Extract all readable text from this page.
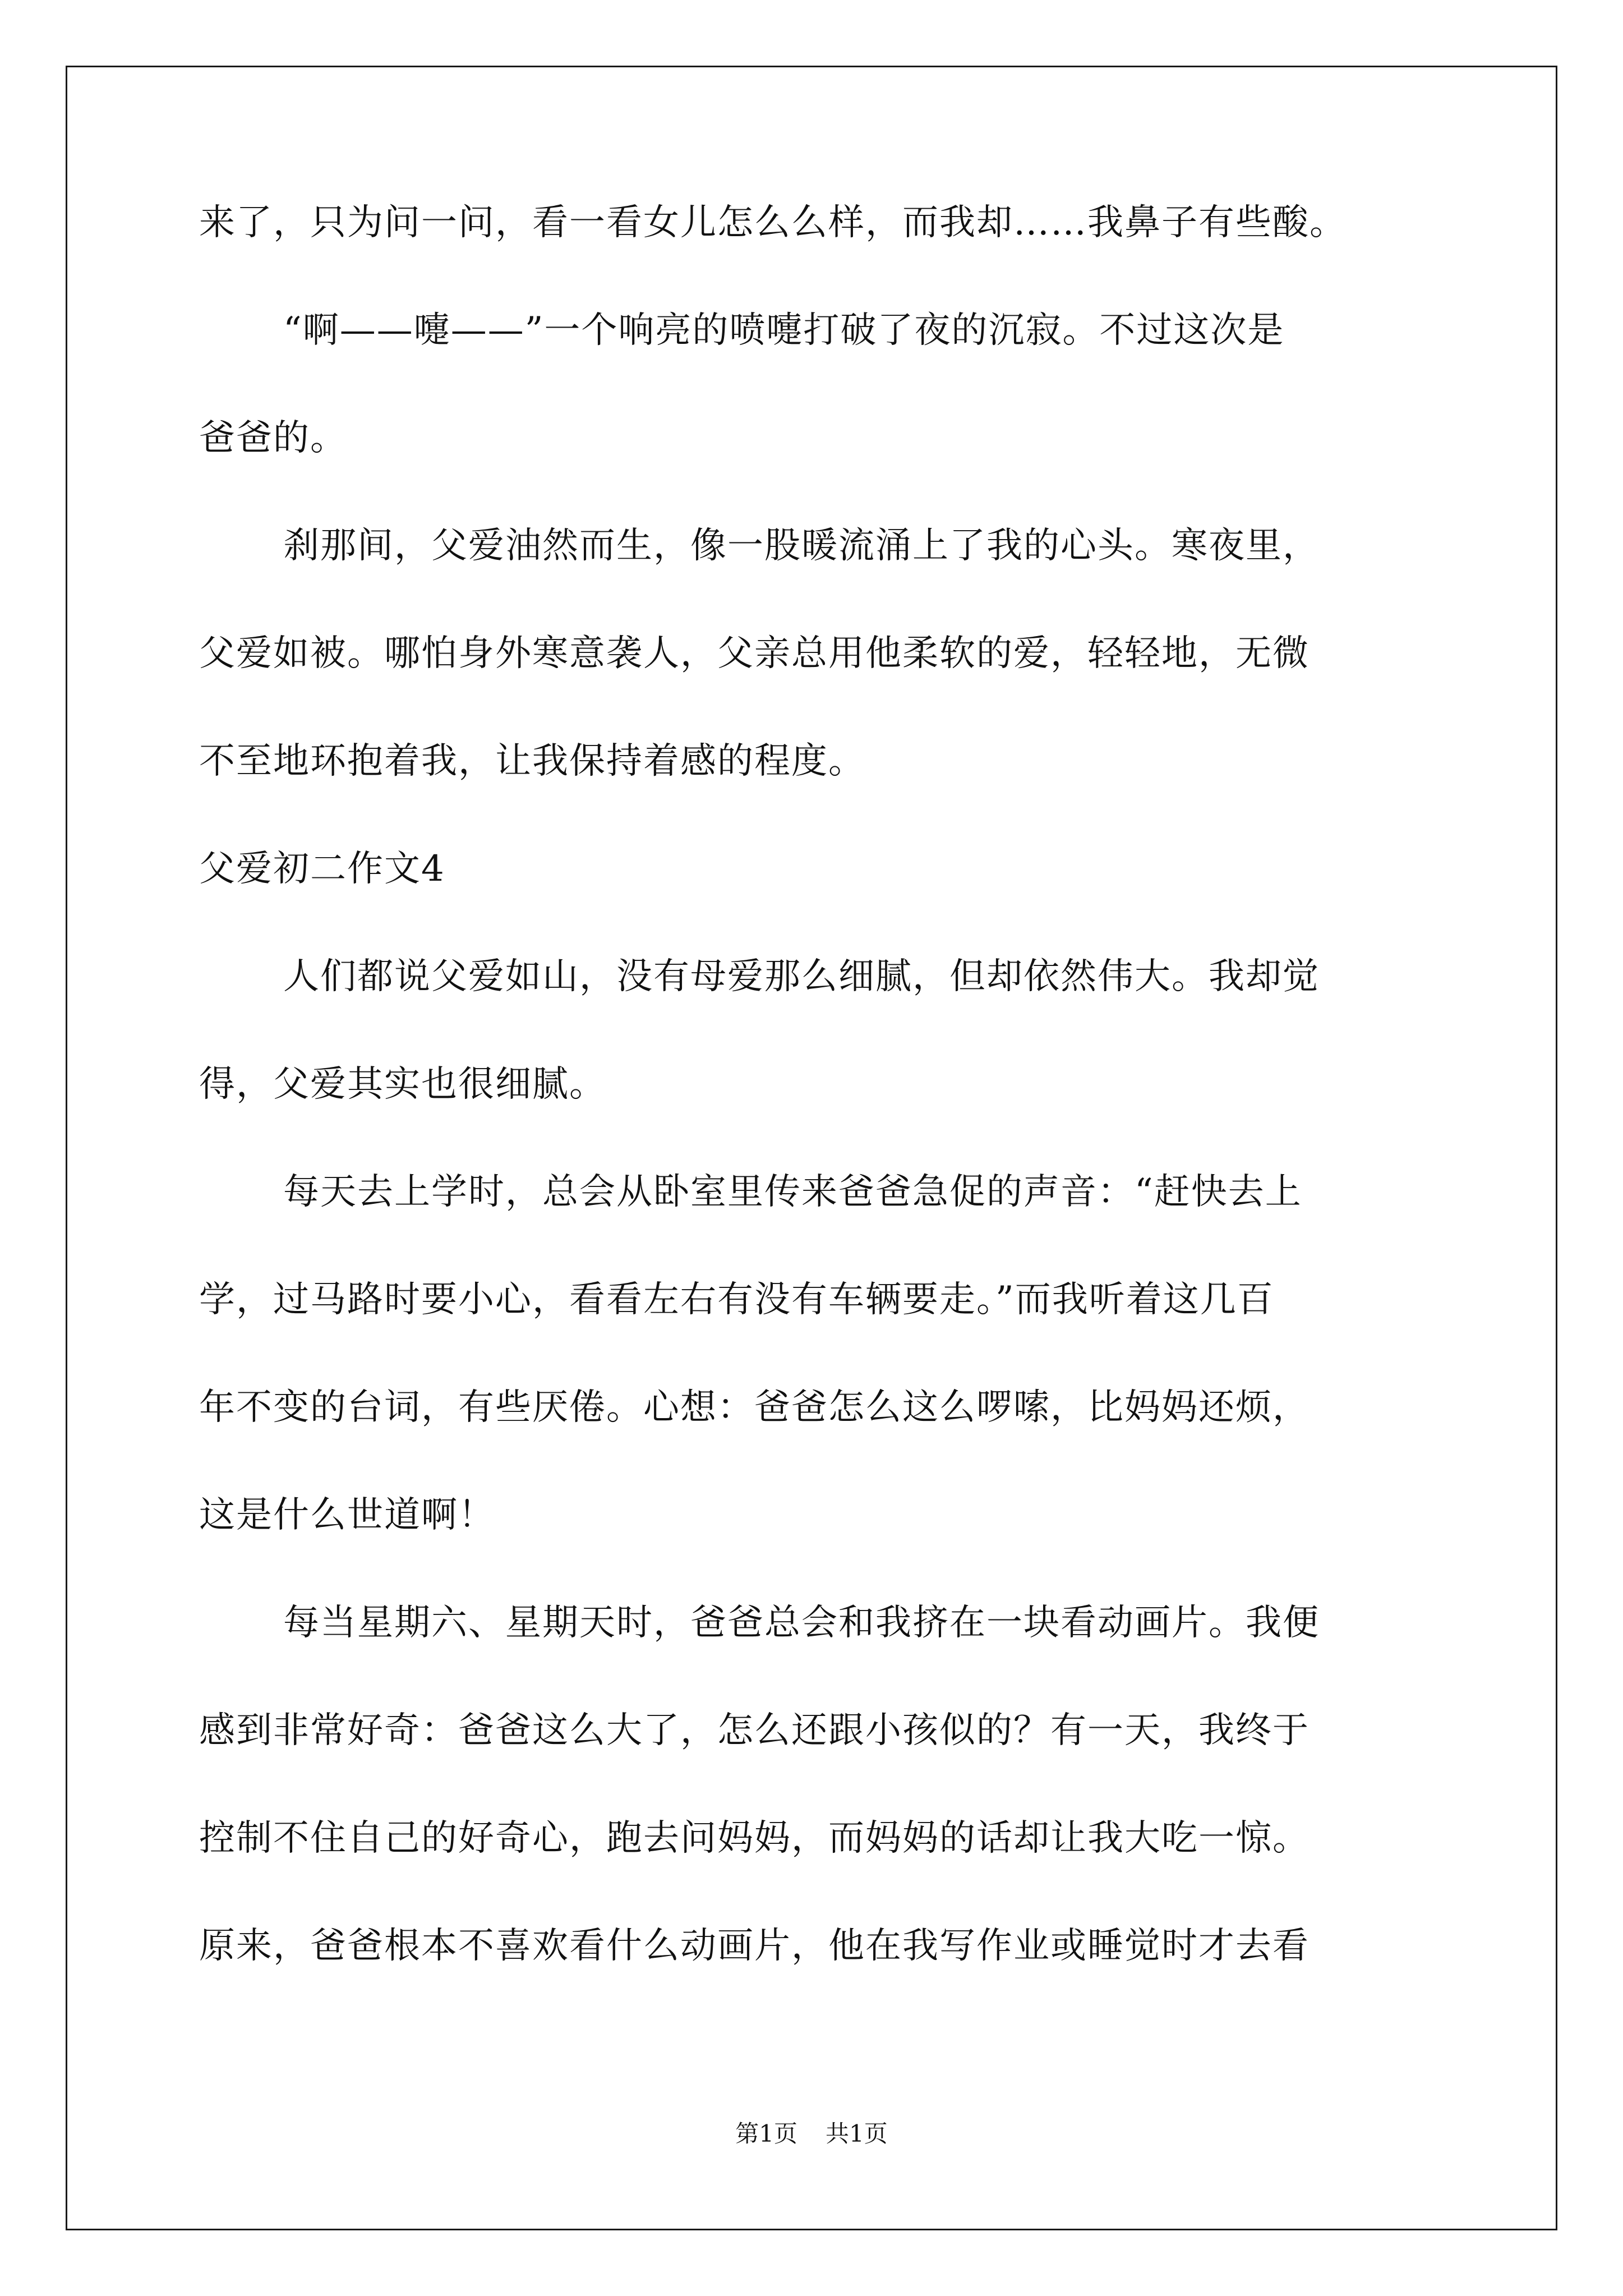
来了，只为问一问，看一看女儿怎么么样，而我却……我鼻子有些酸。

“啊——嚏——”一个响亮的喷嚏打破了夜的沉寂。不过这次是

爸爸的。

刹那间，父爱油然而生，像一股暖流涌上了我的心头。寒夜里，

父爱如被。哪怕身外寒意袭人，父亲总用他柔软的爱，轻轻地，无微

不至地环抱着我，让我保持着感的程度。

父爱初二作文4

人们都说父爱如山，没有母爱那么细腻，但却依然伟大。我却觉

得，父爱其实也很细腻。

每天去上学时，总会从卧室里传来爸爸急促的声音：“赶快去上

学，过马路时要小心，看看左右有没有车辆要走。”而我听着这几百

年不变的台词，有些厌倦。心想：爸爸怎么这么啰嗦，比妈妈还烦，

这是什么世道啊！

每当星期六、星期天时，爸爸总会和我挤在一块看动画片。我便

感到非常好奇：爸爸这么大了，怎么还跟小孩似的？有一天，我终于

控制不住自己的好奇心，跑去问妈妈，而妈妈的话却让我大吃一惊。

原来，爸爸根本不喜欢看什么动画片，他在我写作业或睡觉时才去看

第1页 共1页
